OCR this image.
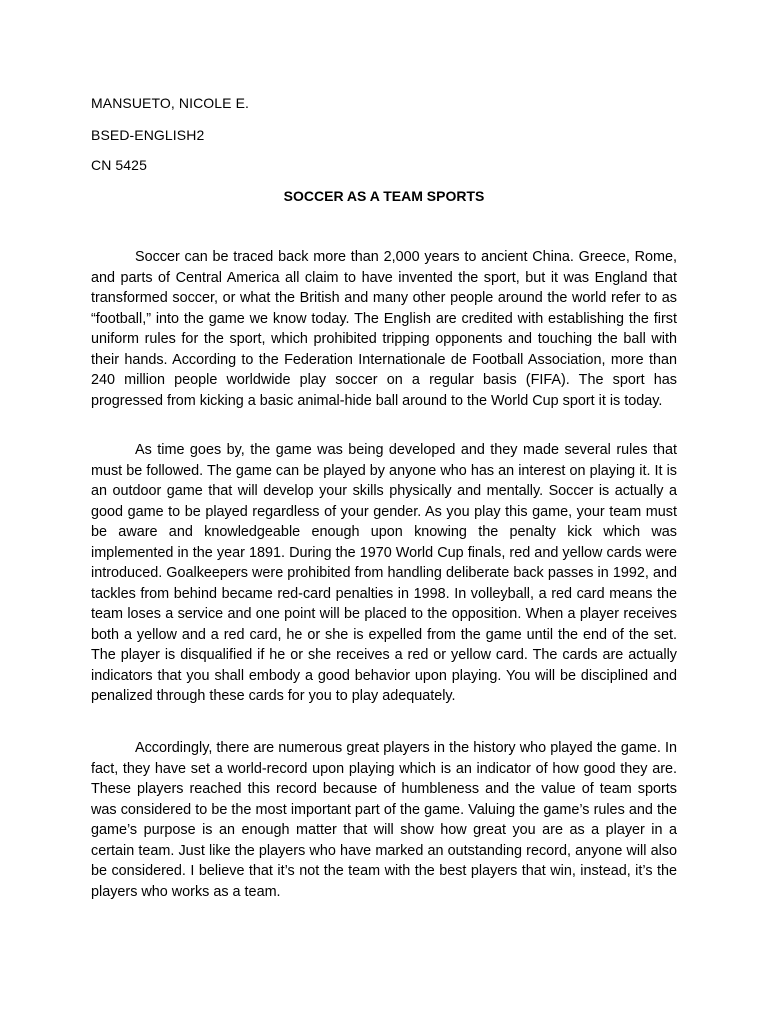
MANSUETO, NICOLE E.
BSED-ENGLISH2
CN 5425
SOCCER AS A TEAM SPORTS

Soccer can be traced back more than 2,000 years to ancient China. Greece, Rome, and parts of Central America all claim to have invented the sport, but it was England that transformed soccer, or what the British and many other people around the world refer to as “football,” into the game we know today. The English are credited with establishing the first uniform rules for the sport, which prohibited tripping opponents and touching the ball with their hands. According to the Federation Internationale de Football Association, more than 240 million people worldwide play soccer on a regular basis (FIFA). The sport has progressed from kicking a basic animal-hide ball around to the World Cup sport it is today.

As time goes by, the game was being developed and they made several rules that must be followed. The game can be played by anyone who has an interest on playing it. It is an outdoor game that will develop your skills physically and mentally. Soccer is actually a good game to be played regardless of your gender. As you play this game, your team must be aware and knowledgeable enough upon knowing the penalty kick which was implemented in the year 1891. During the 1970 World Cup finals, red and yellow cards were introduced. Goalkeepers were prohibited from handling deliberate back passes in 1992, and tackles from behind became red-card penalties in 1998. In volleyball, a red card means the team loses a service and one point will be placed to the opposition. When a player receives both a yellow and a red card, he or she is expelled from the game until the end of the set. The player is disqualified if he or she receives a red or yellow card. The cards are actually indicators that you shall embody a good behavior upon playing. You will be disciplined and penalized through these cards for you to play adequately.

Accordingly, there are numerous great players in the history who played the game. In fact, they have set a world-record upon playing which is an indicator of how good they are. These players reached this record because of humbleness and the value of team sports was considered to be the most important part of the game. Valuing the game’s rules and the game’s purpose is an enough matter that will show how great you are as a player in a certain team. Just like the players who have marked an outstanding record, anyone will also be considered. I believe that it’s not the team with the best players that win, instead, it’s the players who works as a team.
